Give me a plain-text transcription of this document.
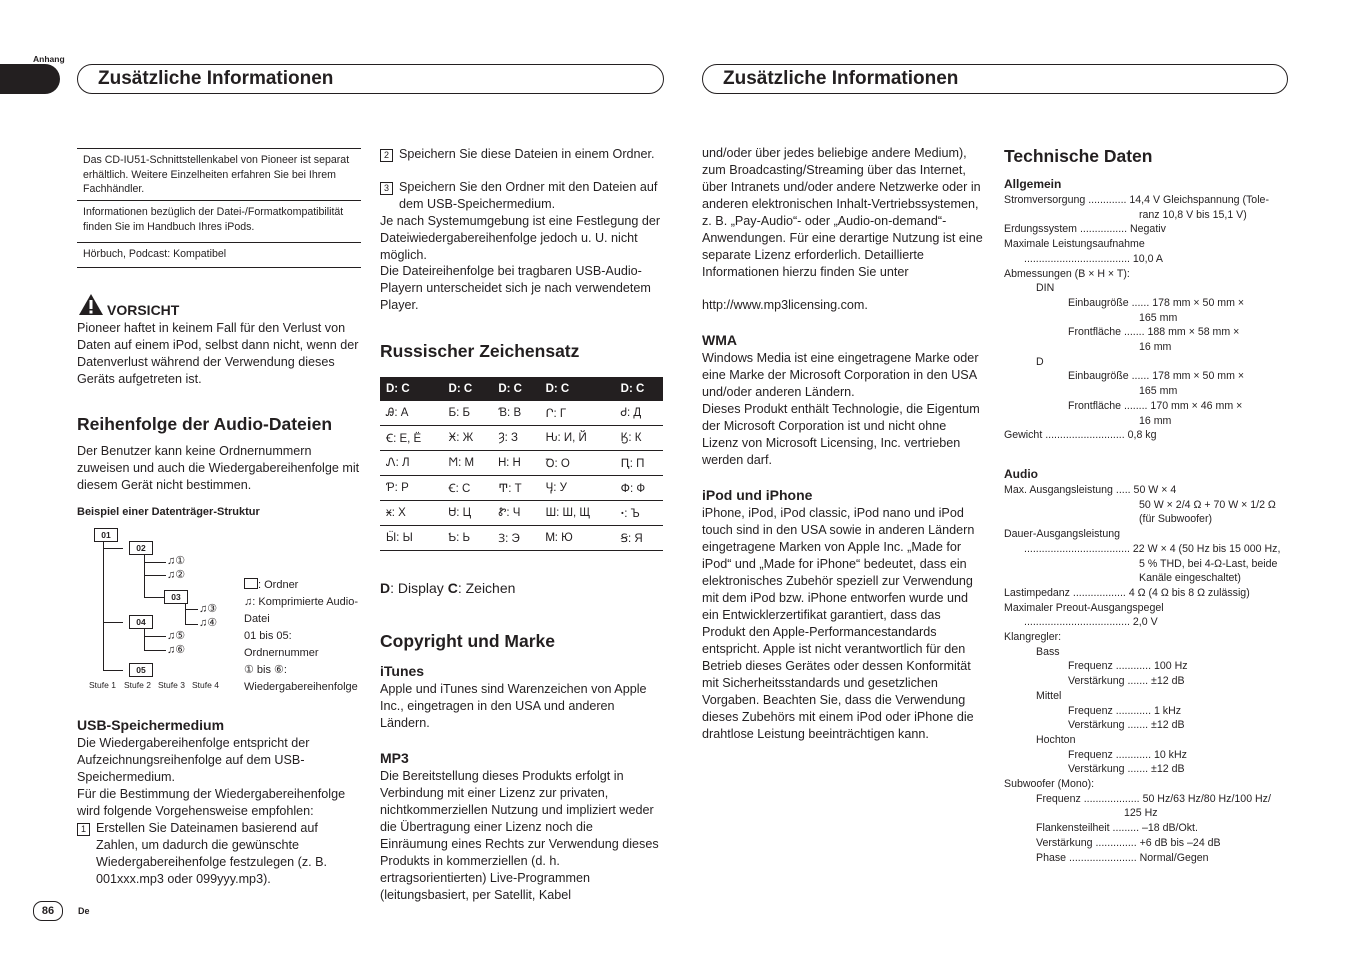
Anhang
Zusätzliche Informationen	Zusätzliche Informationen
Das CD-IU51-Schnittstellenkabel von Pioneer ist separat erhältlich. Weitere Einzelheiten erfahren Sie bei Ihrem Fachhändler.
Informationen bezüglich der Datei-/Formatkompatibilität finden Sie im Handbuch Ihres iPods.
Hörbuch, Podcast: Kompatibel
VORSICHT

Pioneer haftet in keinem Fall für den Verlust von Daten auf einem iPod, selbst dann nicht, wenn der Datenverlust während der Verwendung dieses Geräts aufgetreten ist.

Reihenfolge der Audio-Dateien

Der Benutzer kann keine Ordnernummern zuweisen und auch die Wiedergabereihenfolge mit diesem Gerät nicht bestimmen.

Beispiel einer Datenträger-Struktur
01
02
03
04
05
♫①
♫②
♫③
♫④
♫⑤
♫⑥
Stufe 1 Stufe 2 Stufe 3 Stufe 4
: Ordner
♫: Komprimierte Audio-Datei
01 bis 05: Ordnernummer
① bis ⑥: Wiedergabereihenfolge
USB-Speichermedium

Die Wiedergabereihenfolge entspricht der Aufzeichnungsreihenfolge auf dem USB-Speichermedium.

Für die Bestimmung der Wiedergabereihenfolge wird folgende Vorgehensweise empfohlen:

1 Erstellen Sie Dateinamen basierend auf Zahlen, um dadurch die gewünschte Wiedergabereihenfolge festzulegen (z. B. 001xxx.mp3 oder 099yyy.mp3).

2 Speichern Sie diese Dateien in einem Ordner.

3 Speichern Sie den Ordner mit den Dateien auf dem USB-Speichermedium.

Je nach Systemumgebung ist eine Festlegung der Dateiwiedergabereihenfolge jedoch u. U. nicht möglich.

Die Dateireihenfolge bei tragbaren USB-Audio-Playern unterscheidet sich je nach verwendetem Player.

Russischer Zeichensatz
D: C	D: C	D: C	D: C	D: C
Ꭿ: А	Ƃ: Б	Ɓ: В	Ր: Г	Ꮷ: Д
Ꞓ: Е, Ё	Ӿ: Ж	Ȝ: З	Ԋ: И, Й	Ӄ: К
Ꮑ: Л	Ϻ: М	Ꮋ: Н	Ꝺ: О	Ԥ: П
Ƥ: Р	Ꞓ: С	Ͳ: Т	Ӌ: У	Փ: Ф
ӿ: Х	Ꮜ: Ц	Ꮡ: Ч	Ш: Ш, Щ	ꞏ: Ъ
Ӹ: Ы	Ƅ: Ь	Ɜ: Э	Ꮇ: Ю	Ꞩ: Я
D: Display C: Zeichen
Copyright und Marke
iTunes

Apple und iTunes sind Warenzeichen von Apple Inc., eingetragen in den USA und anderen Ländern.

MP3

Die Bereitstellung dieses Produkts erfolgt in Verbindung mit einer Lizenz zur privaten, nichtkommerziellen Nutzung und impliziert weder die Übertragung einer Lizenz noch die Einräumung eines Rechts zur Verwendung dieses Produkts in kommerziellen (d. h. ertragsorientierten) Live-Programmen (leitungsbasiert, per Satellit, Kabel

und/oder über jedes beliebige andere Medium), zum Broadcasting/Streaming über das Internet, über Intranets und/oder andere Netzwerke oder in anderen elektronischen Inhalt-Vertriebssystemen, z. B. „Pay-Audio“- oder „Audio-on-demand“-Anwendungen. Für eine derartige Nutzung ist eine separate Lizenz erforderlich. Detaillierte Informationen hierzu finden Sie unter

http://www.mp3licensing.com.

WMA

Windows Media ist eine eingetragene Marke oder eine Marke der Microsoft Corporation in den USA und/oder anderen Ländern.

Dieses Produkt enthält Technologie, die Eigentum der Microsoft Corporation ist und nicht ohne Lizenz von Microsoft Licensing, Inc. vertrieben werden darf.

iPod und iPhone

iPhone, iPod, iPod classic, iPod nano und iPod touch sind in den USA sowie in anderen Ländern eingetragene Marken von Apple Inc. „Made for iPod“ und „Made for iPhone“ bedeutet, dass ein elektronisches Zubehör speziell zur Verwendung mit dem iPod bzw. iPhone entworfen wurde und ein Entwicklerzertifikat garantiert, dass das Produkt den Apple-Performancestandards entspricht. Apple ist nicht verantwortlich für den Betrieb dieses Gerätes oder dessen Konformität mit Sicherheitsstandards und gesetzlichen Vorgaben. Beachten Sie, dass die Verwendung dieses Zubehörs mit einem iPod oder iPhone die drahtlose Leistung beeinträchtigen kann.

Technische Daten
Allgemein
Stromversorgung ............. 14,4 V Gleichspannung (Tole-
ranz 10,8 V bis 15,1 V)
Erdungssystem ................ Negativ
Maximale Leistungsaufnahme
.................................... 10,0 A
Abmessungen (B × H × T):
DIN
Einbaugröße ...... 178 mm × 50 mm ×
165 mm
Frontfläche ....... 188 mm × 58 mm ×
16 mm
D
Einbaugröße ...... 178 mm × 50 mm ×
165 mm
Frontfläche ........ 170 mm × 46 mm ×
16 mm
Gewicht ........................... 0,8 kg
Audio
Max. Ausgangsleistung ..... 50 W × 4
50 W × 2/4 Ω + 70 W × 1/2 Ω
(für Subwoofer)
Dauer-Ausgangsleistung
.................................... 22 W × 4 (50 Hz bis 15 000 Hz,
5 % THD, bei 4-Ω-Last, beide
Kanäle eingeschaltet)
Lastimpedanz .................. 4 Ω (4 Ω bis 8 Ω zulässig)
Maximaler Preout-Ausgangspegel
.................................... 2,0 V
Klangregler:
Bass
Frequenz ............ 100 Hz
Verstärkung ....... ±12 dB
Mittel
Frequenz ............ 1 kHz
Verstärkung ....... ±12 dB
Hochton
Frequenz ............ 10 kHz
Verstärkung ....... ±12 dB
Subwoofer (Mono):
Frequenz ................... 50 Hz/63 Hz/80 Hz/100 Hz/
125 Hz
Flankensteilheit ......... –18 dB/Okt.
Verstärkung .............. +6 dB bis –24 dB
Phase ....................... Normal/Gegen
86	De
